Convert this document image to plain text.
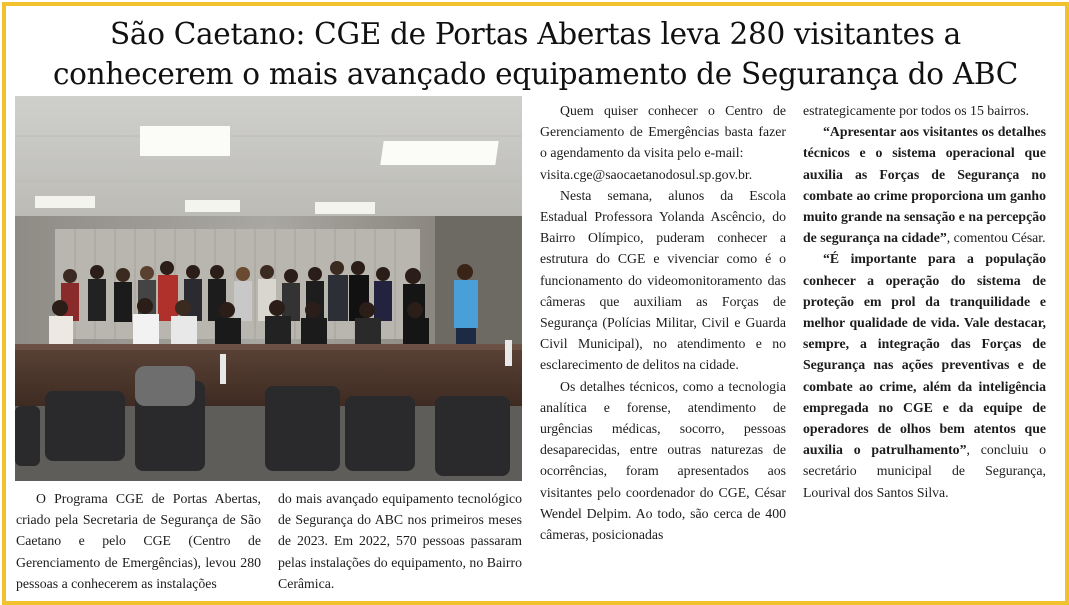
São Caetano: CGE de Portas Abertas leva 280 visitantes a
conhecerem o mais avançado equipamento de Segurança do ABC

O Programa CGE de Portas Abertas, criado pela Secretaria de Segurança de São Caetano e pelo CGE (Centro de Gerenciamento de Emergências), levou 280 pessoas a conhecerem as instalações

do mais avançado equipamento tecnológico de Segurança do ABC nos primeiros meses de 2023. Em 2022, 570 pessoas passaram pelas instalações do equipamento, no Bairro Cerâmica.

Quem quiser conhecer o Centro de Gerenciamento de Emergências basta fazer o agendamento da visita pelo e-mail:

visita.cge@saocaetanodosul.sp.gov.br.

Nesta semana, alunos da Escola Estadual Professora Yolanda Ascêncio, do Bairro Olímpico, puderam conhecer a estrutura do CGE e vivenciar como é o funcionamento do videomonitoramento das câmeras que auxiliam as Forças de Segurança (Polícias Militar, Civil e Guarda Civil Municipal), no atendimento e no esclarecimento de delitos na cidade.

Os detalhes técnicos, como a tecnologia analítica e forense, atendimento de urgências médicas, socorro, pessoas desaparecidas, entre outras naturezas de ocorrências, foram apresentados aos visitantes pelo coordenador do CGE, César Wendel Delpim. Ao todo, são cerca de 400 câmeras, posicionadas

estrategicamente por todos os 15 bairros.

“Apresentar aos visitantes os detalhes técnicos e o sistema operacional que auxilia as Forças de Segurança no combate ao crime proporciona um ganho muito grande na sensação e na percepção de segurança na cidade”, comentou César.

“É importante para a população conhecer a operação do sistema de proteção em prol da tranquilidade e melhor qualidade de vida. Vale destacar, sempre, a integração das Forças de Segurança nas ações preventivas e de combate ao crime, além da inteligência empregada no CGE e da equipe de operadores de olhos bem atentos que auxilia o patrulhamento”, concluiu o secretário municipal de Segurança, Lourival dos Santos Silva.
